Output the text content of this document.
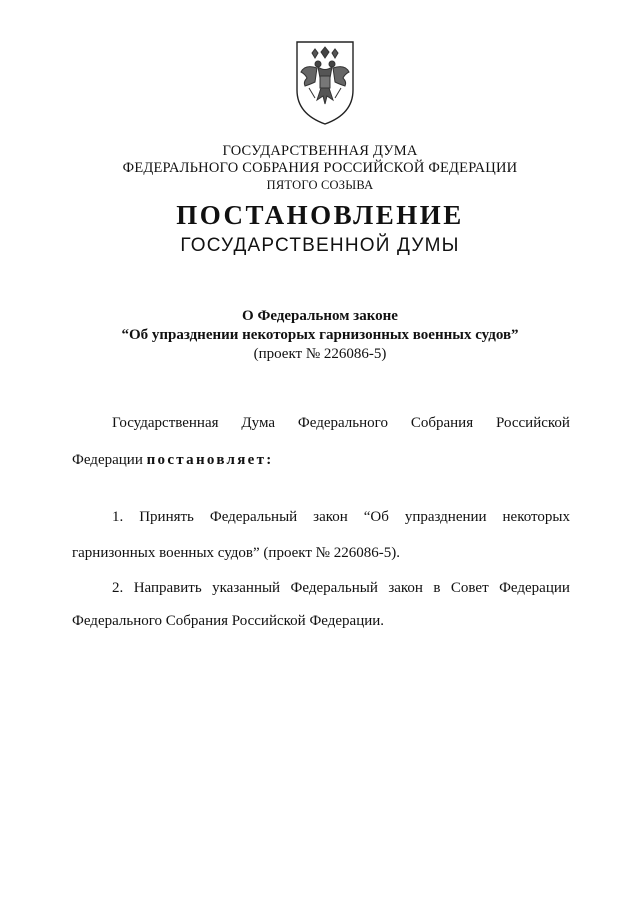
ГОСУДАРСТВЕННАЯ ДУМА
ФЕДЕРАЛЬНОГО СОБРАНИЯ РОССИЙСКОЙ ФЕДЕРАЦИИ
ПЯТОГО СОЗЫВА
ПОСТАНОВЛЕНИЕ
ГОСУДАРСТВЕННОЙ ДУМЫ
О Федеральном законе
“Об упразднении некоторых гарнизонных военных судов”
(проект № 226086-5)
Государственная Дума Федерального Собрания Российской
Федерации постановляет:
1. Принять Федеральный закон “Об упразднении некоторых
гарнизонных военных судов” (проект № 226086-5).
2. Направить указанный Федеральный закон в Совет Федерации
Федерального Собрания Российской Федерации.
